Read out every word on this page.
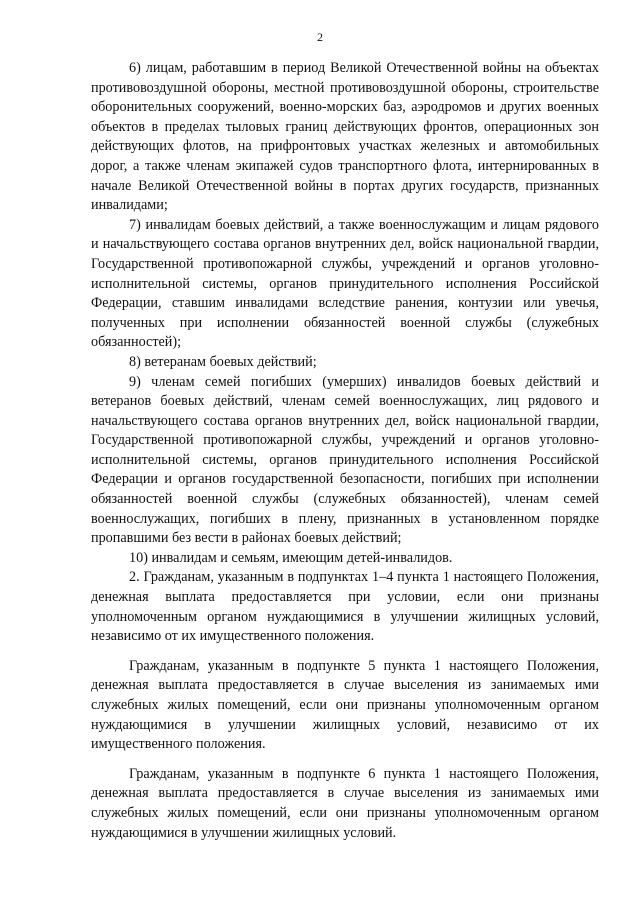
2

6) лицам, работавшим в период Великой Отечественной войны на объектах противовоздушной обороны, местной противовоздушной обороны, строительстве оборонительных сооружений, военно-морских баз, аэродромов и других военных объектов в пределах тыловых границ действующих фронтов, операционных зон действующих флотов, на прифронтовых участках железных и автомобильных дорог, а также членам экипажей судов транспортного флота, интернированных в начале Великой Отечественной войны в портах других государств, признанных инвалидами;

7) инвалидам боевых действий, а также военнослужащим и лицам рядового и начальствующего состава органов внутренних дел, войск национальной гвардии, Государственной противопожарной службы, учреждений и органов уголовно-исполнительной системы, органов принудительного исполнения Российской Федерации, ставшим инвалидами вследствие ранения, контузии или увечья, полученных при исполнении обязанностей военной службы (служебных обязанностей);

8) ветеранам боевых действий;

9) членам семей погибших (умерших) инвалидов боевых действий и ветеранов боевых действий, членам семей военнослужащих, лиц рядового и начальствующего состава органов внутренних дел, войск национальной гвардии, Государственной противопожарной службы, учреждений и органов уголовно-исполнительной системы, органов принудительного исполнения Российской Федерации и органов государственной безопасности, погибших при исполнении обязанностей военной службы (служебных обязанностей), членам семей военнослужащих, погибших в плену, признанных в установленном порядке пропавшими без вести в районах боевых действий;

10) инвалидам и семьям, имеющим детей-инвалидов.

2. Гражданам, указанным в подпунктах 1–4 пункта 1 настоящего Положения, денежная выплата предоставляется при условии, если они признаны уполномоченным органом нуждающимися в улучшении жилищных условий, независимо от их имущественного положения.

Гражданам, указанным в подпункте 5 пункта 1 настоящего Положения, денежная выплата предоставляется в случае выселения из занимаемых ими служебных жилых помещений, если они признаны уполномоченным органом нуждающимися в улучшении жилищных условий, независимо от их имущественного положения.

Гражданам, указанным в подпункте 6 пункта 1 настоящего Положения, денежная выплата предоставляется в случае выселения из занимаемых ими служебных жилых помещений, если они признаны уполномоченным органом нуждающимися в улучшении жилищных условий.
